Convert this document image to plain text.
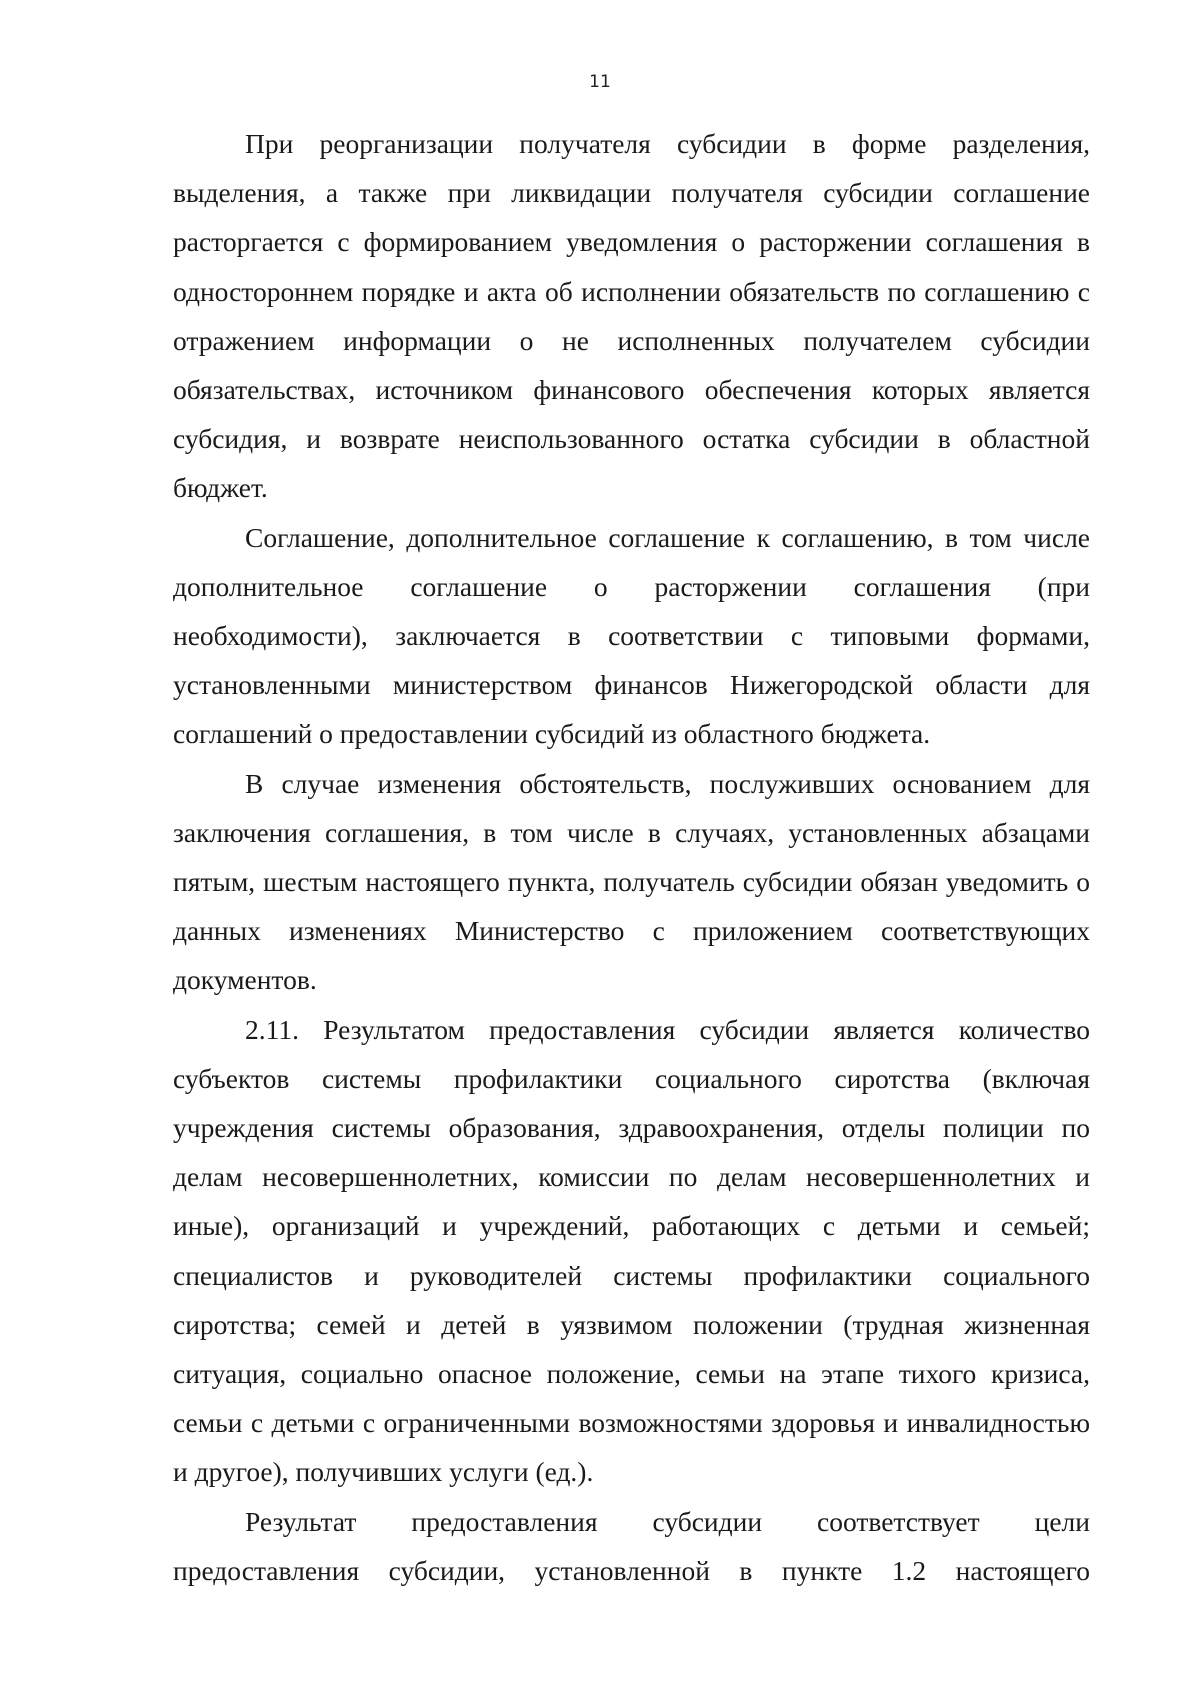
11

При реорганизации получателя субсидии в форме разделения, выделения, а также при ликвидации получателя субсидии соглашение расторгается с формированием уведомления о расторжении соглашения в одностороннем порядке и акта об исполнении обязательств по соглашению с отражением информации о не исполненных получателем субсидии обязательствах, источником финансового обеспечения которых является субсидия, и возврате неиспользованного остатка субсидии в областной бюджет.

Соглашение, дополнительное соглашение к соглашению, в том числе дополнительное соглашение о расторжении соглашения (при необходимости), заключается в соответствии с типовыми формами, установленными министерством финансов Нижегородской области для соглашений о предоставлении субсидий из областного бюджета.

В случае изменения обстоятельств, послуживших основанием для заключения соглашения, в том числе в случаях, установленных абзацами пятым, шестым настоящего пункта, получатель субсидии обязан уведомить о данных изменениях Министерство с приложением соответствующих документов.

2.11. Результатом предоставления субсидии является количество субъектов системы профилактики социального сиротства (включая учреждения системы образования, здравоохранения, отделы полиции по делам несовершеннолетних, комиссии по делам несовершеннолетних и иные), организаций и учреждений, работающих с детьми и семьей; специалистов и руководителей системы профилактики социального сиротства; семей и детей в уязвимом положении (трудная жизненная ситуация, социально опасное положение, семьи на этапе тихого кризиса, семьи с детьми с ограниченными возможностями здоровья и инвалидностью и другое), получивших услуги (ед.).

Результат предоставления субсидии соответствует цели предоставления субсидии, установленной в пункте 1.2 настоящего
